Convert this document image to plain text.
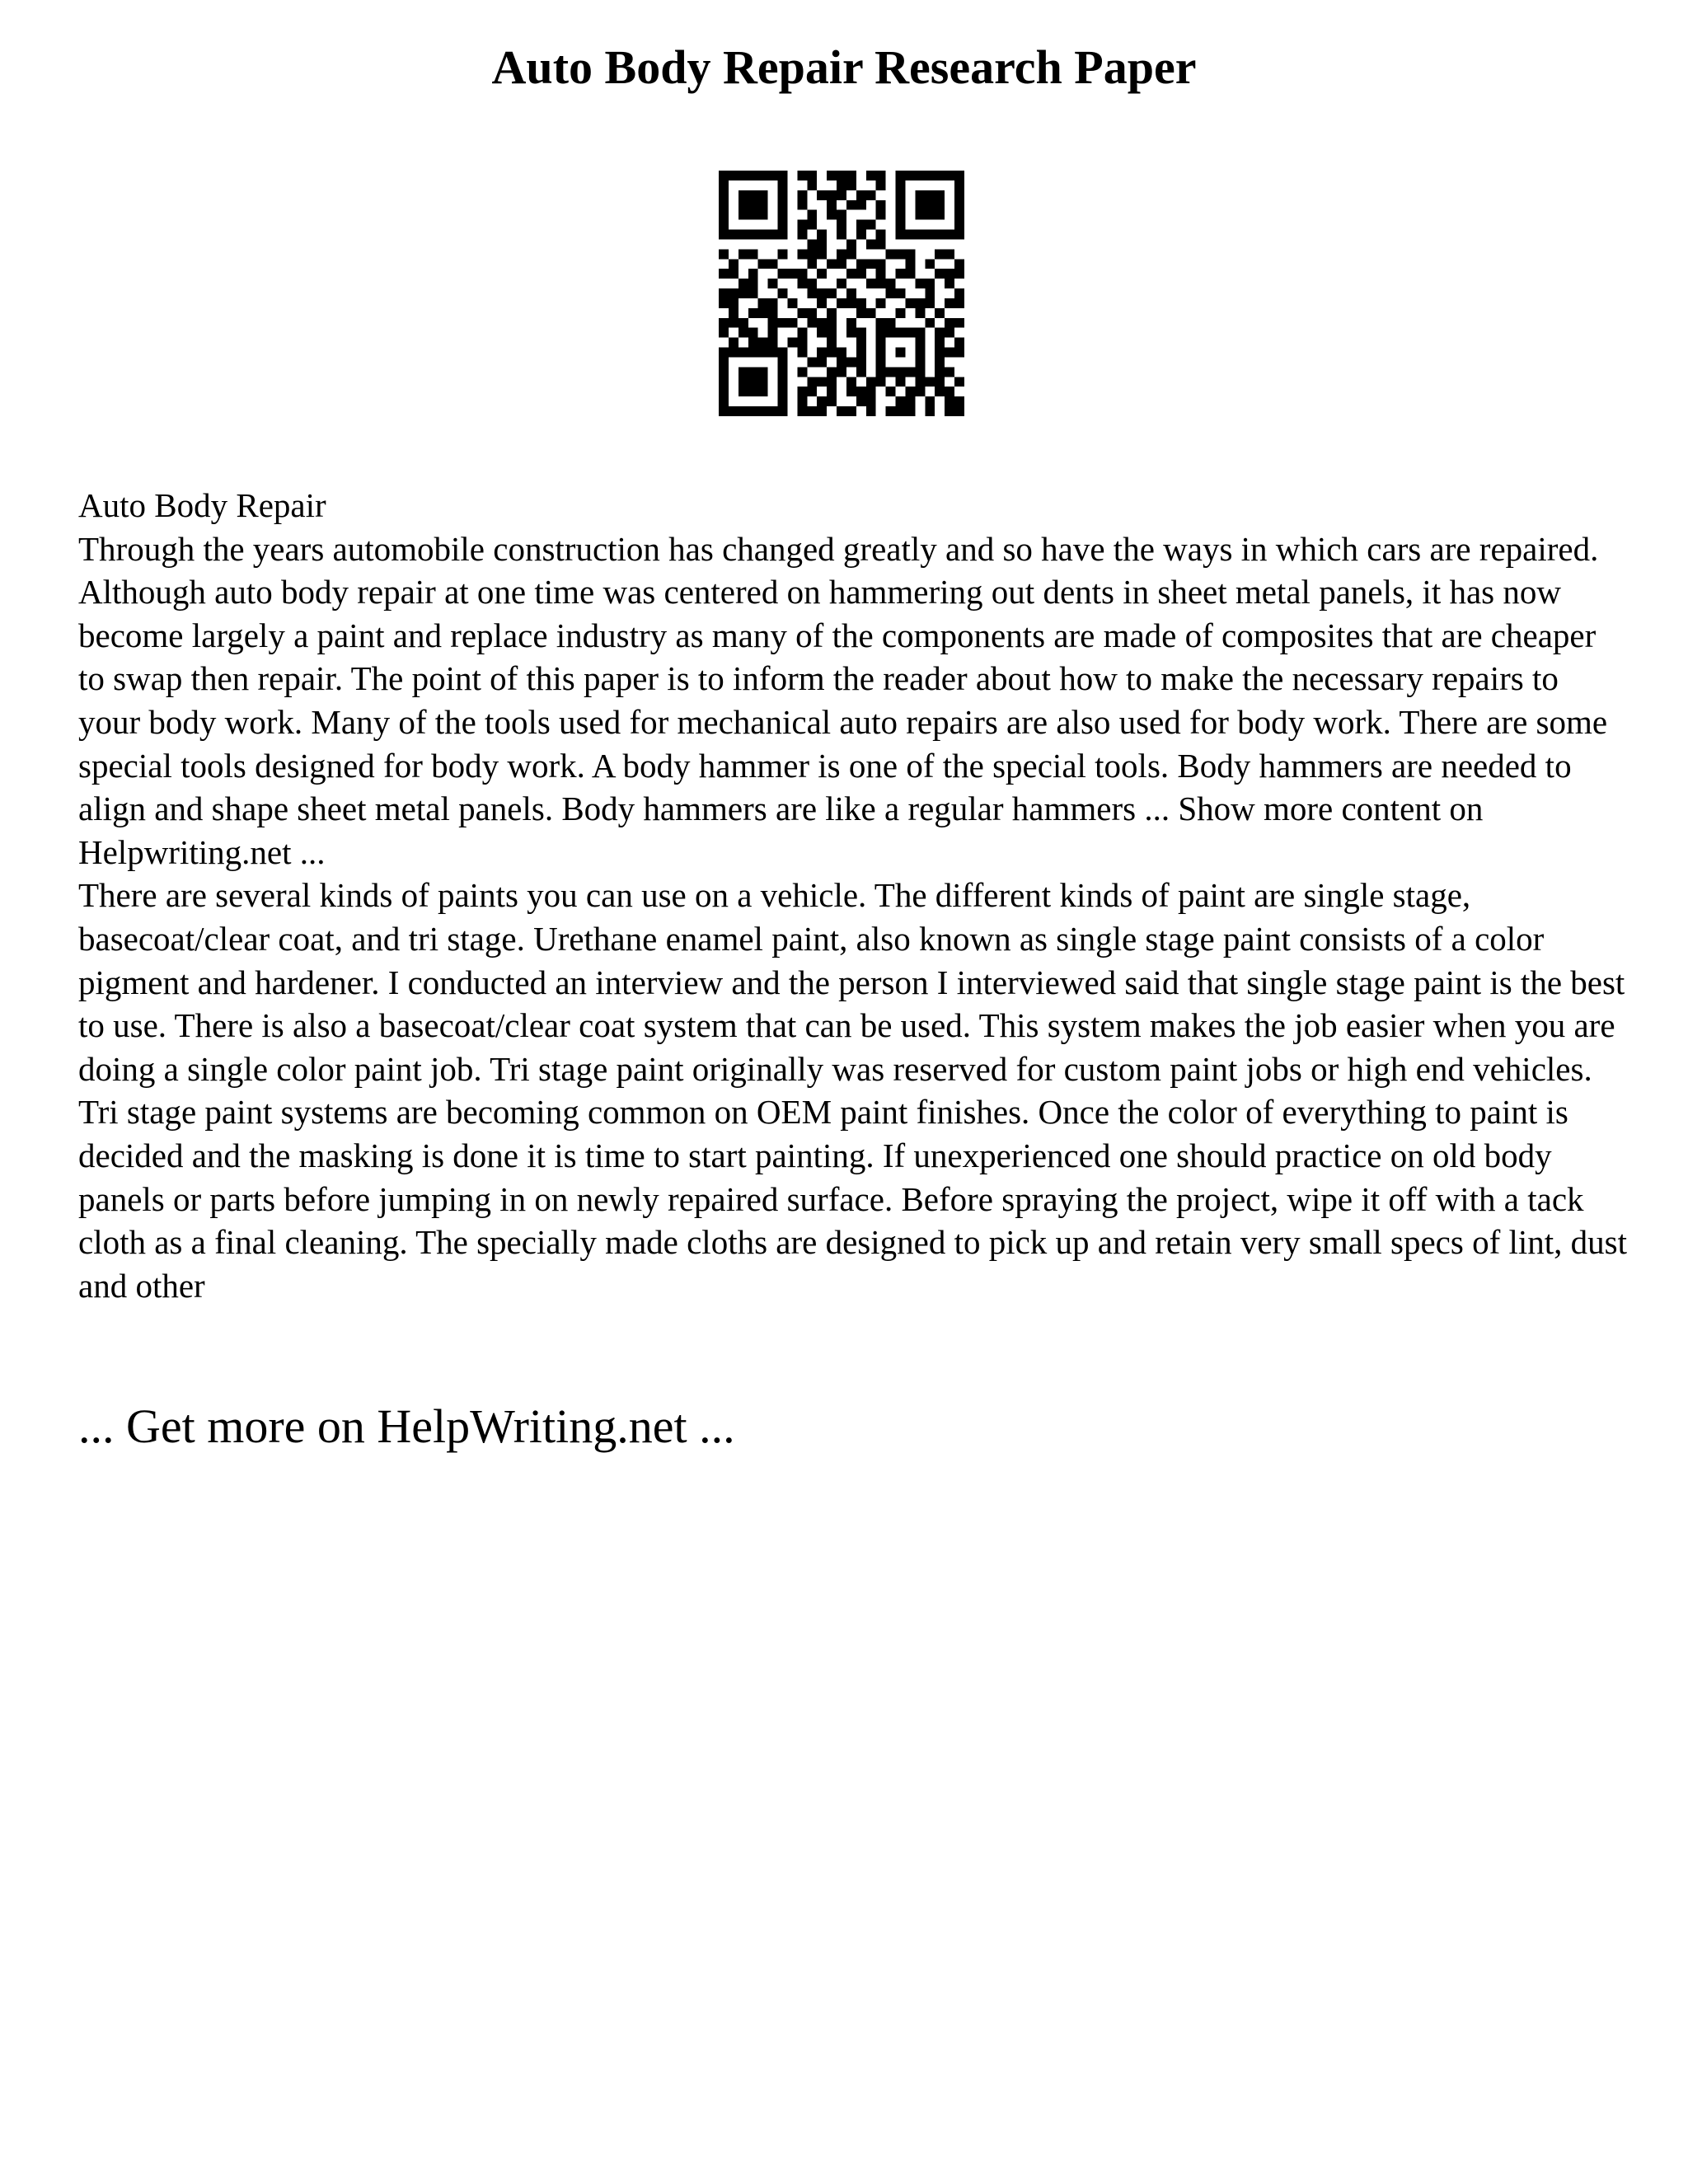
Auto Body Repair Research Paper

Auto Body Repair

Through the years automobile construction has changed greatly and so have the ways in which cars are repaired. Although auto body repair at one time was centered on hammering out dents in sheet metal panels, it has now become largely a paint and replace industry as many of the components are made of composites that are cheaper to swap then repair. The point of this paper is to inform the reader about how to make the necessary repairs to your body work. Many of the tools used for mechanical auto repairs are also used for body work. There are some special tools designed for body work. A body hammer is one of the special tools. Body hammers are needed to align and shape sheet metal panels. Body hammers are like a regular hammers ... Show more content on Helpwriting.net ...

There are several kinds of paints you can use on a vehicle. The different kinds of paint are single stage, basecoat/clear coat, and tri stage. Urethane enamel paint, also known as single stage paint consists of a color pigment and hardener. I conducted an interview and the person I interviewed said that single stage paint is the best to use. There is also a basecoat/clear coat system that can be used. This system makes the job easier when you are doing a single color paint job. Tri stage paint originally was reserved for custom paint jobs or high end vehicles. Tri stage paint systems are becoming common on OEM paint finishes. Once the color of everything to paint is decided and the masking is done it is time to start painting. If unexperienced one should practice on old body panels or parts before jumping in on newly repaired surface. Before spraying the project, wipe it off with a tack cloth as a final cleaning. The specially made cloths are designed to pick up and retain very small specs of lint, dust and other

... Get more on HelpWriting.net ...
